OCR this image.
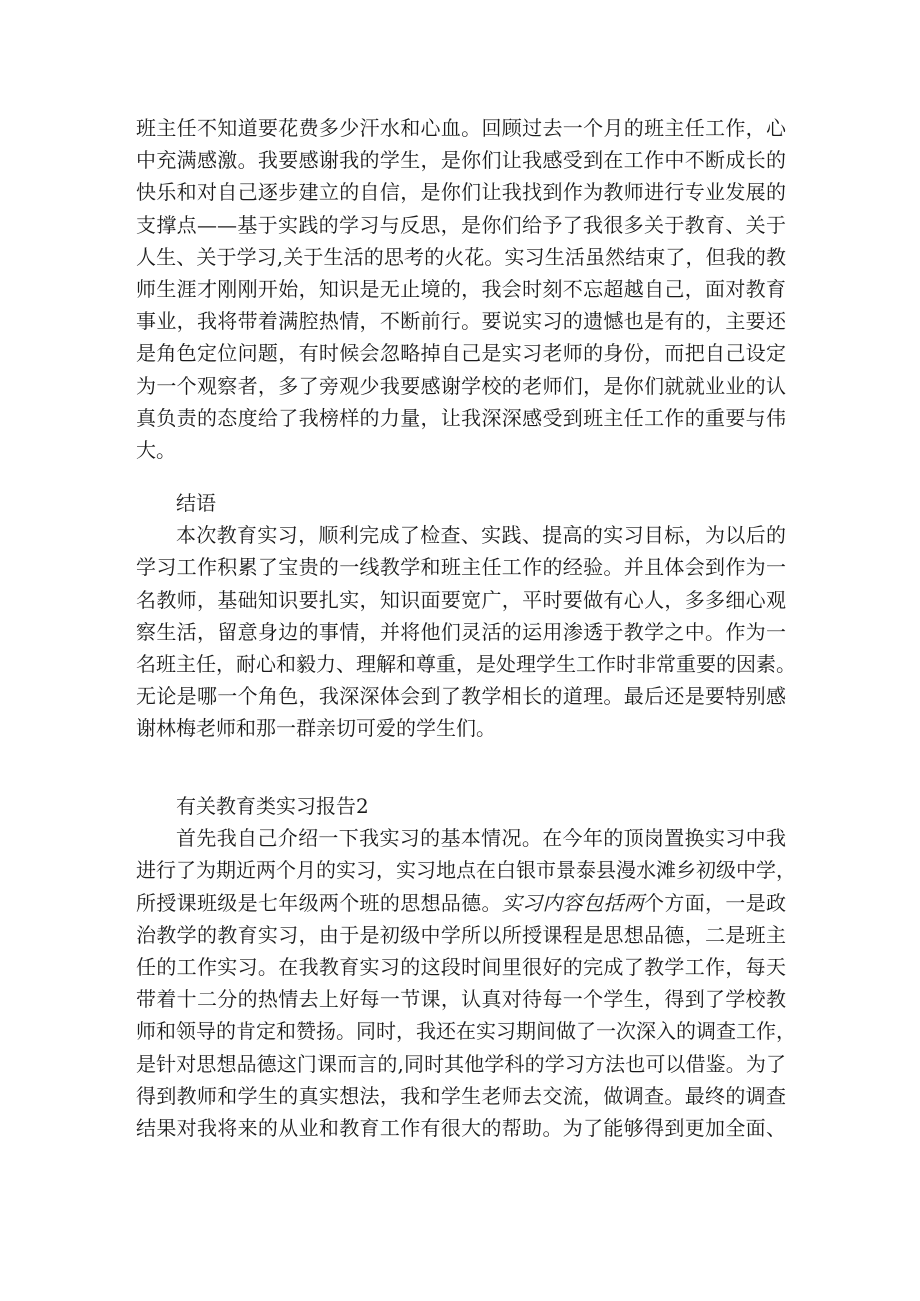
班主任不知道要花费多少汗水和心血。回顾过去一个月的班主任工作，心
中充满感激。我要感谢我的学生，是你们让我感受到在工作中不断成长的
快乐和对自己逐步建立的自信，是你们让我找到作为教师进行专业发展的
支撑点——基于实践的学习与反思，是你们给予了我很多关于教育、关于
人生、关于学习,关于生活的思考的火花。实习生活虽然结束了，但我的教
师生涯才刚刚开始，知识是无止境的，我会时刻不忘超越自己，面对教育
事业，我将带着满腔热情，不断前行。要说实习的遗憾也是有的，主要还
是角色定位问题，有时候会忽略掉自己是实习老师的身份，而把自己设定
为一个观察者，多了旁观少我要感谢学校的老师们，是你们就就业业的认
真负责的态度给了我榜样的力量，让我深深感受到班主任工作的重要与伟
大。
结语
本次教育实习，顺利完成了检查、实践、提高的实习目标，为以后的
学习工作积累了宝贵的一线教学和班主任工作的经验。并且体会到作为一
名教师，基础知识要扎实，知识面要宽广，平时要做有心人，多多细心观
察生活，留意身边的事情，并将他们灵活的运用渗透于教学之中。作为一
名班主任，耐心和毅力、理解和尊重，是处理学生工作时非常重要的因素。
无论是哪一个角色，我深深体会到了教学相长的道理。最后还是要特别感
谢林梅老师和那一群亲切可爱的学生们。
有关教育类实习报告2
首先我自己介绍一下我实习的基本情况。在今年的顶岗置换实习中我
进行了为期近两个月的实习，实习地点在白银市景泰县漫水滩乡初级中学，
所授课班级是七年级两个班的思想品德。实习内容包括两个方面，一是政
治教学的教育实习，由于是初级中学所以所授课程是思想品德，二是班主
任的工作实习。在我教育实习的这段时间里很好的完成了教学工作，每天
带着十二分的热情去上好每一节课，认真对待每一个学生，得到了学校教
师和领导的肯定和赞扬。同时，我还在实习期间做了一次深入的调查工作，
是针对思想品德这门课而言的,同时其他学科的学习方法也可以借鉴。为了
得到教师和学生的真实想法，我和学生老师去交流，做调查。最终的调查
结果对我将来的从业和教育工作有很大的帮助。为了能够得到更加全面、
